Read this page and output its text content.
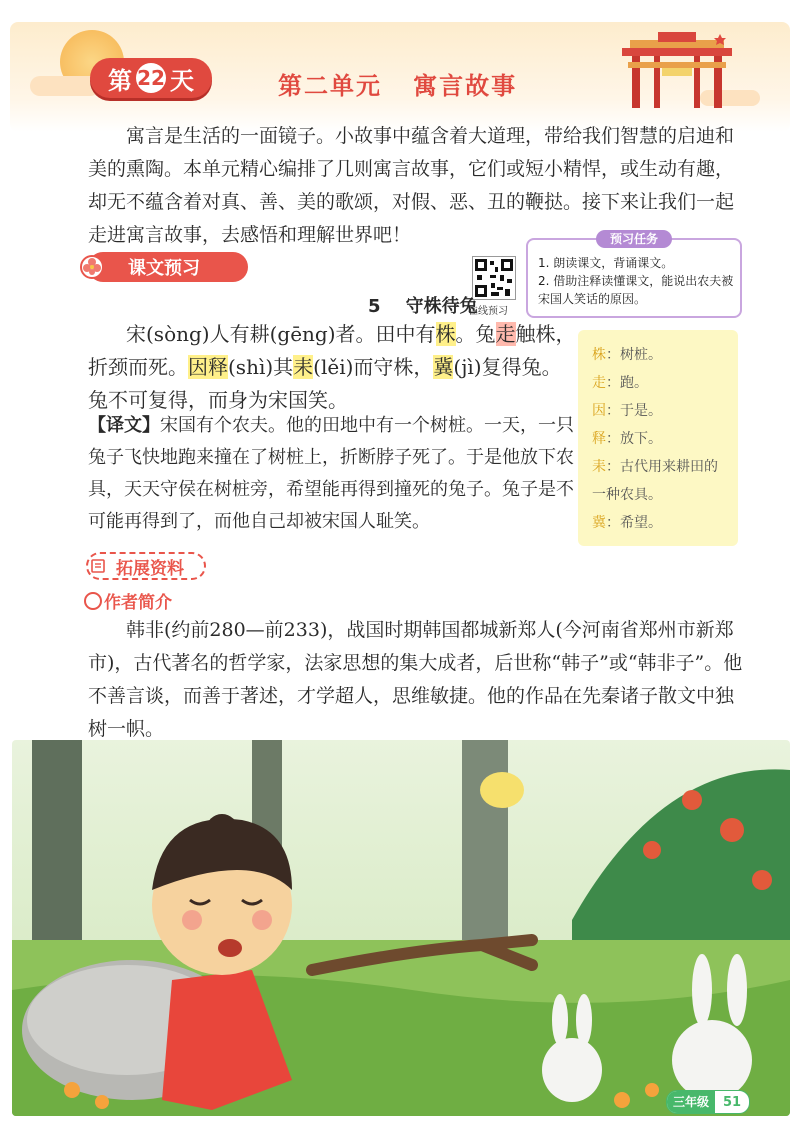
第 22 天	第二单元   寓言故事

寓言是生活的一面镜子。小故事中蕴含着大道理，带给我们智慧的启迪和美的熏陶。本单元精心编排了几则寓言故事，它们或短小精悍，或生动有趣，却无不蕴含着对真、善、美的歌颂，对假、恶、丑的鞭挞。接下来让我们一起走进寓言故事，去感悟和理解世界吧！

课文预习
在线预习
1. 朗读课文，背诵课文。
2. 借助注释读懂课文，能说出农夫被宋国人笑话的原因。
预习任务
5    守株待兔

宋(sòng)人有耕(gēng)者。田中有株。兔走触株，折颈而死。因释(shì)其耒(lěi)而守株，冀(jì)复得兔。兔不可复得，而身为宋国笑。

【译文】宋国有个农夫。他的田地中有一个树桩。一天，一只兔子飞快地跑来撞在了树桩上，折断脖子死了。于是他放下农具，天天守侯在树桩旁，希望能再得到撞死的兔子。兔子是不可能再得到了，而他自己却被宋国人耻笑。

株：树桩。
走：跑。
因：于是。
释：放下。
耒：古代用来耕田的
一种农具。
冀：希望。
拓展资料
作者简介

韩非(约前280—前233)，战国时期韩国都城新郑人(今河南省郑州市新郑市)，古代著名的哲学家，法家思想的集大成者，后世称“韩子”或“韩非子”。他不善言谈，而善于著述，才学超人，思维敏捷。他的作品在先秦诸子散文中独树一帜。

三年级	51
